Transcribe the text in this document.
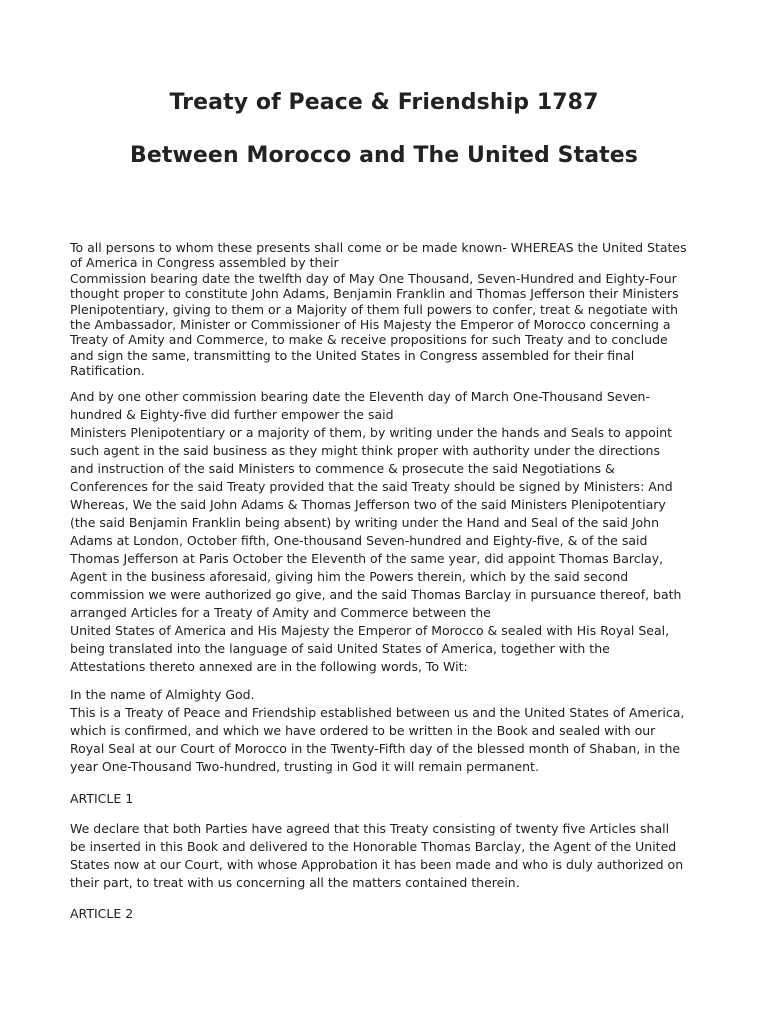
Treaty of Peace & Friendship 1787
Between Morocco and The United States
To all persons to whom these presents shall come or be made known- WHEREAS the United States
of America in Congress assembled by their
Commission bearing date the twelfth day of May One Thousand, Seven-Hundred and Eighty-Four
thought proper to constitute John Adams, Benjamin Franklin and Thomas Jefferson their Ministers
Plenipotentiary, giving to them or a Majority of them full powers to confer, treat & negotiate with
the Ambassador, Minister or Commissioner of His Majesty the Emperor of Morocco concerning a
Treaty of Amity and Commerce, to make & receive propositions for such Treaty and to conclude
and sign the same, transmitting to the United States in Congress assembled for their final
Ratification.
And by one other commission bearing date the Eleventh day of March One-Thousand Seven-
hundred & Eighty-five did further empower the said
Ministers Plenipotentiary or a majority of them, by writing under the hands and Seals to appoint
such agent in the said business as they might think proper with authority under the directions
and instruction of the said Ministers to commence & prosecute the said Negotiations &
Conferences for the said Treaty provided that the said Treaty should be signed by Ministers: And
Whereas, We the said John Adams & Thomas Jefferson two of the said Ministers Plenipotentiary
(the said Benjamin Franklin being absent) by writing under the Hand and Seal of the said John
Adams at London, October fifth, One-thousand Seven-hundred and Eighty-five, & of the said
Thomas Jefferson at Paris October the Eleventh of the same year, did appoint Thomas Barclay,
Agent in the business aforesaid, giving him the Powers therein, which by the said second
commission we were authorized go give, and the said Thomas Barclay in pursuance thereof, bath
arranged Articles for a Treaty of Amity and Commerce between the
United States of America and His Majesty the Emperor of Morocco & sealed with His Royal Seal,
being translated into the language of said United States of America, together with the
Attestations thereto annexed are in the following words, To Wit:
In the name of Almighty God.
This is a Treaty of Peace and Friendship established between us and the United States of America,
which is confirmed, and which we have ordered to be written in the Book and sealed with our
Royal Seal at our Court of Morocco in the Twenty-Fifth day of the blessed month of Shaban, in the
year One-Thousand Two-hundred, trusting in God it will remain permanent.
ARTICLE 1
We declare that both Parties have agreed that this Treaty consisting of twenty five Articles shall
be inserted in this Book and delivered to the Honorable Thomas Barclay, the Agent of the United
States now at our Court, with whose Approbation it has been made and who is duly authorized on
their part, to treat with us concerning all the matters contained therein.
ARTICLE 2
